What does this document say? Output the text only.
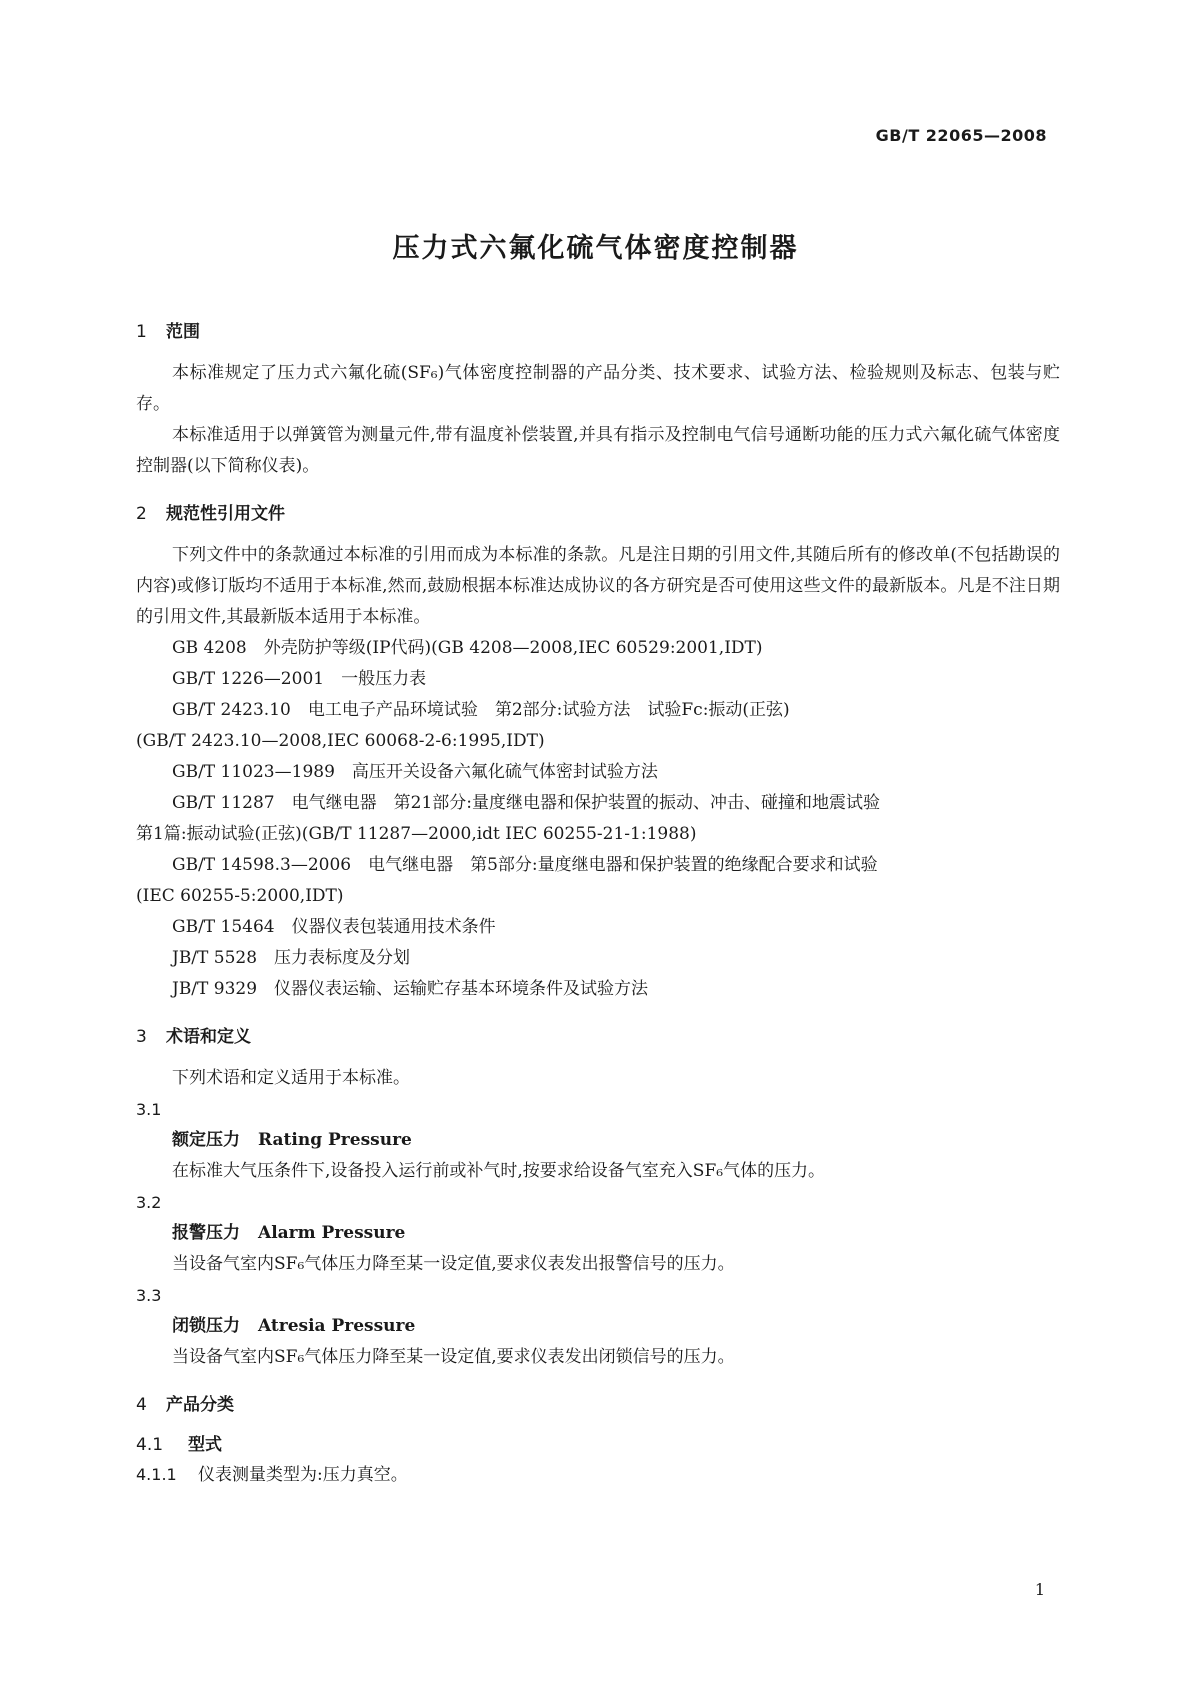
GB/T 22065—2008
压力式六氟化硫气体密度控制器
1 范围

本标准规定了压力式六氟化硫(SF₆)气体密度控制器的产品分类、技术要求、试验方法、检验规则及标志、包装与贮存。

本标准适用于以弹簧管为测量元件,带有温度补偿装置,并具有指示及控制电气信号通断功能的压力式六氟化硫气体密度控制器(以下简称仪表)。

2 规范性引用文件

下列文件中的条款通过本标准的引用而成为本标准的条款。凡是注日期的引用文件,其随后所有的修改单(不包括勘误的内容)或修订版均不适用于本标准,然而,鼓励根据本标准达成协议的各方研究是否可使用这些文件的最新版本。凡是不注日期的引用文件,其最新版本适用于本标准。

GB 4208　外壳防护等级(IP代码)(GB 4208—2008,IEC 60529:2001,IDT)
GB/T 1226—2001　一般压力表
GB/T 2423.10　电工电子产品环境试验　第2部分:试验方法　试验Fc:振动(正弦)
(GB/T 2423.10—2008,IEC 60068-2-6:1995,IDT)
GB/T 11023—1989　高压开关设备六氟化硫气体密封试验方法
GB/T 11287　电气继电器　第21部分:量度继电器和保护装置的振动、冲击、碰撞和地震试验
第1篇:振动试验(正弦)(GB/T 11287—2000,idt IEC 60255-21-1:1988)
GB/T 14598.3—2006　电气继电器　第5部分:量度继电器和保护装置的绝缘配合要求和试验
(IEC 60255-5:2000,IDT)
GB/T 15464　仪器仪表包装通用技术条件
JB/T 5528　压力表标度及分划
JB/T 9329　仪器仪表运输、运输贮存基本环境条件及试验方法
3 术语和定义

下列术语和定义适用于本标准。

3.1
额定压力 Rating Pressure
在标准大气压条件下,设备投入运行前或补气时,按要求给设备气室充入SF₆气体的压力。
3.2
报警压力 Alarm Pressure
当设备气室内SF₆气体压力降至某一设定值,要求仪表发出报警信号的压力。
3.3
闭锁压力 Atresia Pressure
当设备气室内SF₆气体压力降至某一设定值,要求仪表发出闭锁信号的压力。
4 产品分类
4.1 型式
4.1.1 仪表测量类型为:压力真空。
1
